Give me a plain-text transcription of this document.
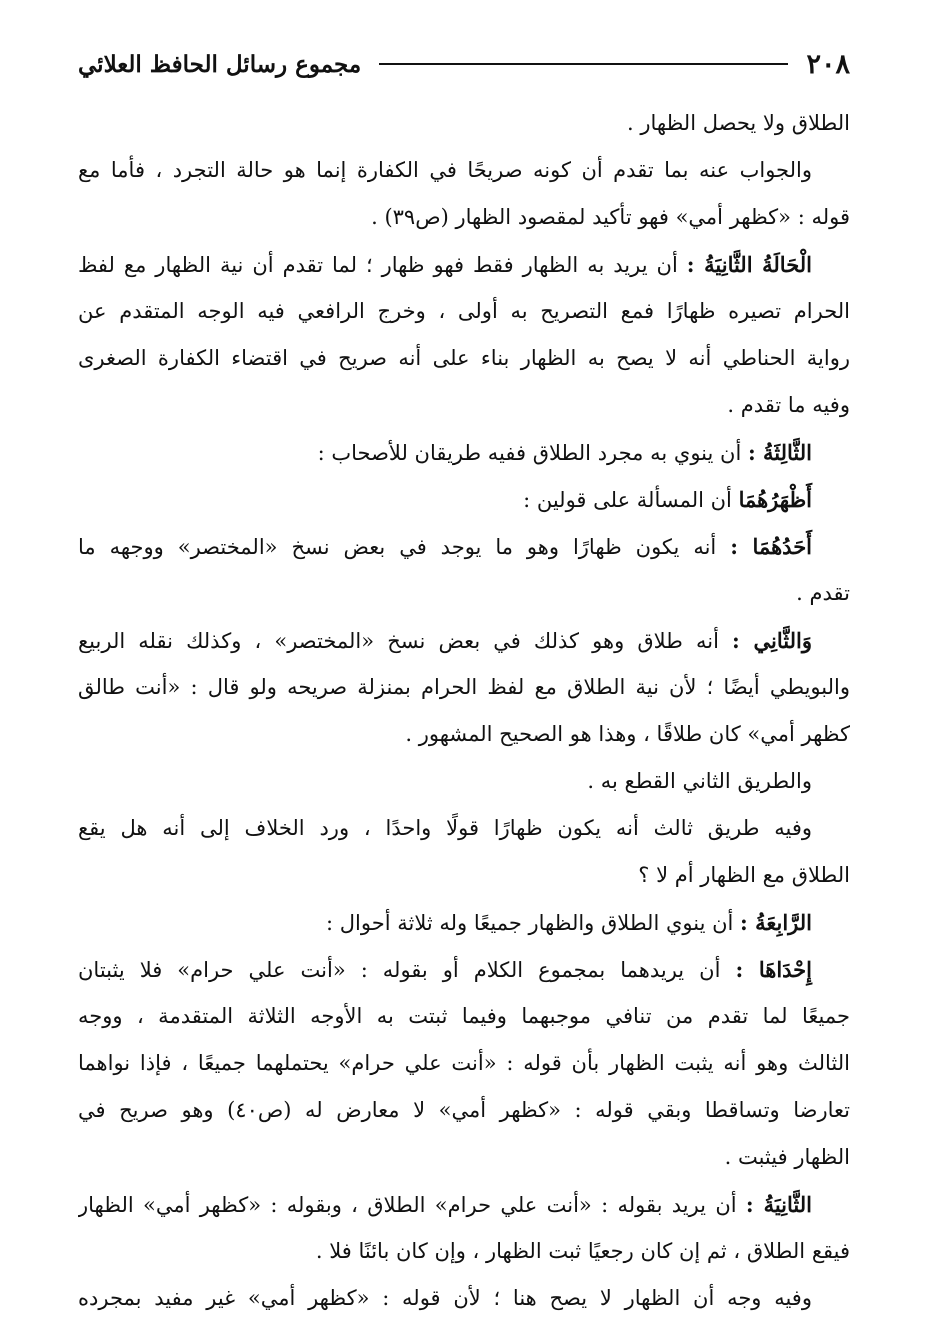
٢٠٨
مجموع رسائل الحافظ العلائي
الطلاق ولا يحصل الظهار .
والجواب عنه بما تقدم أن كونه صريحًا في الكفارة إنما هو حالة التجرد ، فأما مع
قوله : «كظهر أمي» فهو تأكيد لمقصود الظهار (ص٣٩) .
الْحَالَةُ الثَّانِيَةُ : أن يريد به الظهار فقط فهو ظهار ؛ لما تقدم أن نية الظهار مع لفظ
الحرام تصيره ظهارًا فمع التصريح به أولى ، وخرج الرافعي فيه الوجه المتقدم عن
رواية الحناطي أنه لا يصح به الظهار بناء على أنه صريح في اقتضاء الكفارة الصغرى
وفيه ما تقدم .
الثَّالِثَةُ : أن ينوي به مجرد الطلاق ففيه طريقان للأصحاب :
أَظْهَرُهُمَا أن المسألة على قولين :
أَحَدُهُمَا : أنه يكون ظهارًا وهو ما يوجد في بعض نسخ «المختصر» ووجهه ما
تقدم .
وَالثَّانِي : أنه طلاق وهو كذلك في بعض نسخ «المختصر» ، وكذلك نقله الربيع
والبويطي أيضًا ؛ لأن نية الطلاق مع لفظ الحرام بمنزلة صريحه ولو قال : «أنت طالق
كظهر أمي» كان طلاقًا ، وهذا هو الصحيح المشهور .
والطريق الثاني القطع به .
وفيه طريق ثالث أنه يكون ظهارًا قولًا واحدًا ، ورد الخلاف إلى أنه هل يقع
الطلاق مع الظهار أم لا ؟
الرَّابِعَةُ : أن ينوي الطلاق والظهار جميعًا وله ثلاثة أحوال :
إِحْدَاهَا : أن يريدهما بمجموع الكلام أو بقوله : «أنت علي حرام» فلا يثبتان
جميعًا لما تقدم من تنافي موجبهما وفيما ثبتت به الأوجه الثلاثة المتقدمة ، ووجه
الثالث وهو أنه يثبت الظهار بأن قوله : «أنت علي حرام» يحتملهما جميعًا ، فإذا نواهما
تعارضا وتساقطا وبقي قوله : «كظهر أمي» لا معارض له (ص٤٠) وهو صريح في
الظهار فيثبت .
الثَّانِيَةُ : أن يريد بقوله : «أنت علي حرام» الطلاق ، وبقوله : «كظهر أمي» الظهار
فيقع الطلاق ، ثم إن كان رجعيًا ثبت الظهار ، وإن كان بائنًا فلا .
وفيه وجه أن الظهار لا يصح هنا ؛ لأن قوله : «كظهر أمي» غير مفيد بمجرده
